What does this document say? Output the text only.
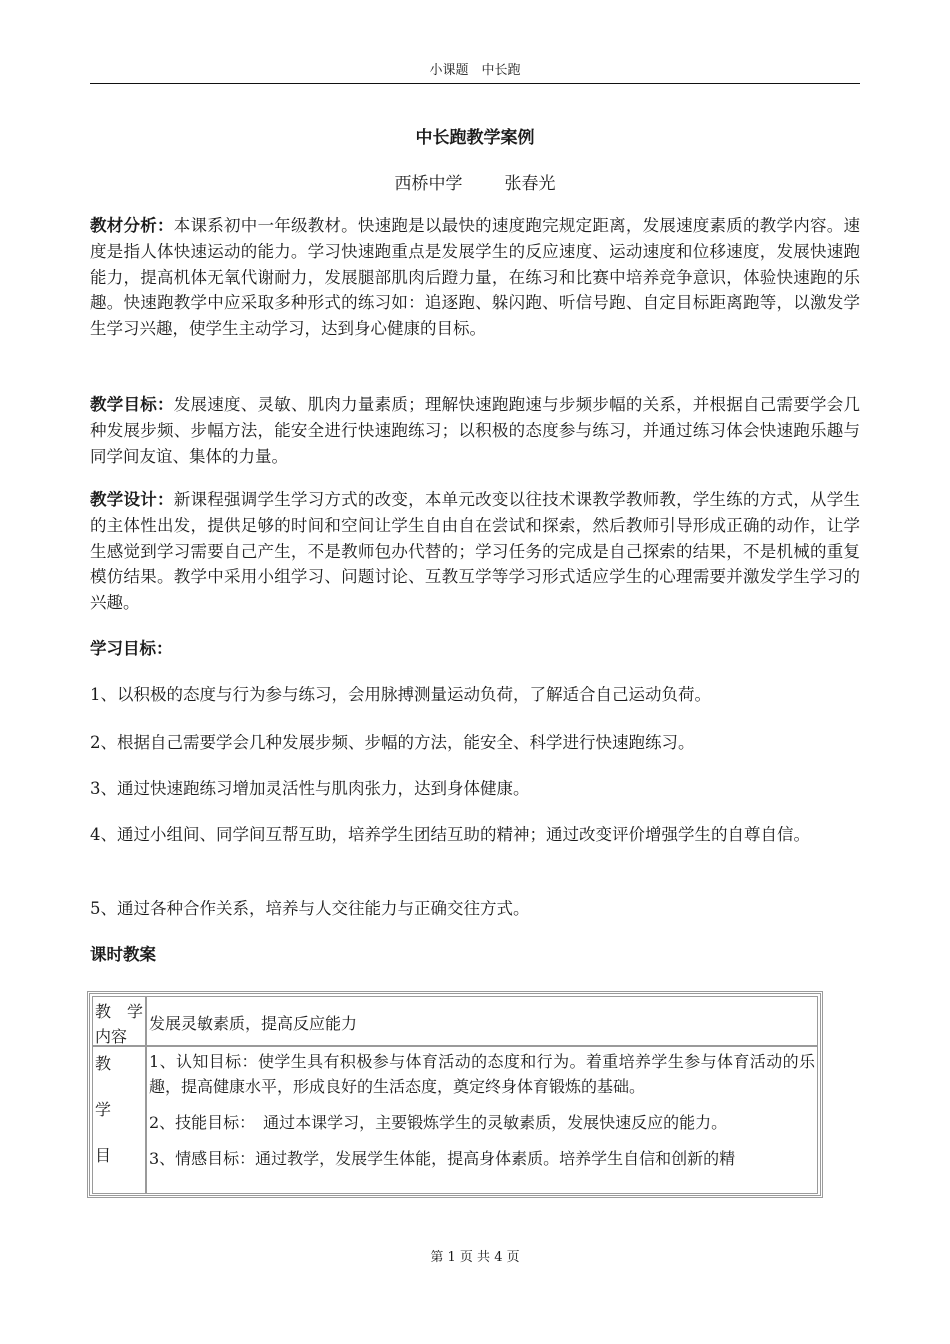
小课题　中长跑
中长跑教学案例
西桥中学 张春光
教材分析：本课系初中一年级教材。快速跑是以最快的速度跑完规定距离，发展速度素质的教学内容。速度是指人体快速运动的能力。学习快速跑重点是发展学生的反应速度、运动速度和位移速度，发展快速跑能力，提高机体无氧代谢耐力，发展腿部肌肉后蹬力量，在练习和比赛中培养竞争意识，体验快速跑的乐趣。快速跑教学中应采取多种形式的练习如：追逐跑、躲闪跑、听信号跑、自定目标距离跑等，以激发学生学习兴趣，使学生主动学习，达到身心健康的目标。
教学目标：发展速度、灵敏、肌肉力量素质；理解快速跑跑速与步频步幅的关系，并根据自己需要学会几种发展步频、步幅方法，能安全进行快速跑练习；以积极的态度参与练习，并通过练习体会快速跑乐趣与同学间友谊、集体的力量。
教学设计：新课程强调学生学习方式的改变，本单元改变以往技术课教学教师教，学生练的方式，从学生的主体性出发，提供足够的时间和空间让学生自由自在尝试和探索，然后教师引导形成正确的动作，让学生感觉到学习需要自己产生，不是教师包办代替的；学习任务的完成是自己探索的结果，不是机械的重复模仿结果。教学中采用小组学习、问题讨论、互教互学等学习形式适应学生的心理需要并激发学生学习的兴趣。
学习目标：
1、以积极的态度与行为参与练习，会用脉搏测量运动负荷，了解适合自己运动负荷。
2、根据自己需要学会几种发展步频、步幅的方法，能安全、科学进行快速跑练习。
3、通过快速跑练习增加灵活性与肌肉张力，达到身体健康。
4、通过小组间、同学间互帮互助，培养学生团结互助的精神；通过改变评价增强学生的自尊自信。
5、通过各种合作关系，培养与人交往能力与正确交往方式。
课时教案
教 学
内容
发展灵敏素质，提高反应能力
教
学
目

1、认知目标：使学生具有积极参与体育活动的态度和行为。着重培养学生参与体育活动的乐趣，提高健康水平，形成良好的生活态度，奠定终身体育锻炼的基础。

2、技能目标：　通过本课学习，主要锻炼学生的灵敏素质，发展快速反应的能力。

3、情感目标：通过教学，发展学生体能，提高身体素质。培养学生自信和创新的精

第 1 页 共 4 页
